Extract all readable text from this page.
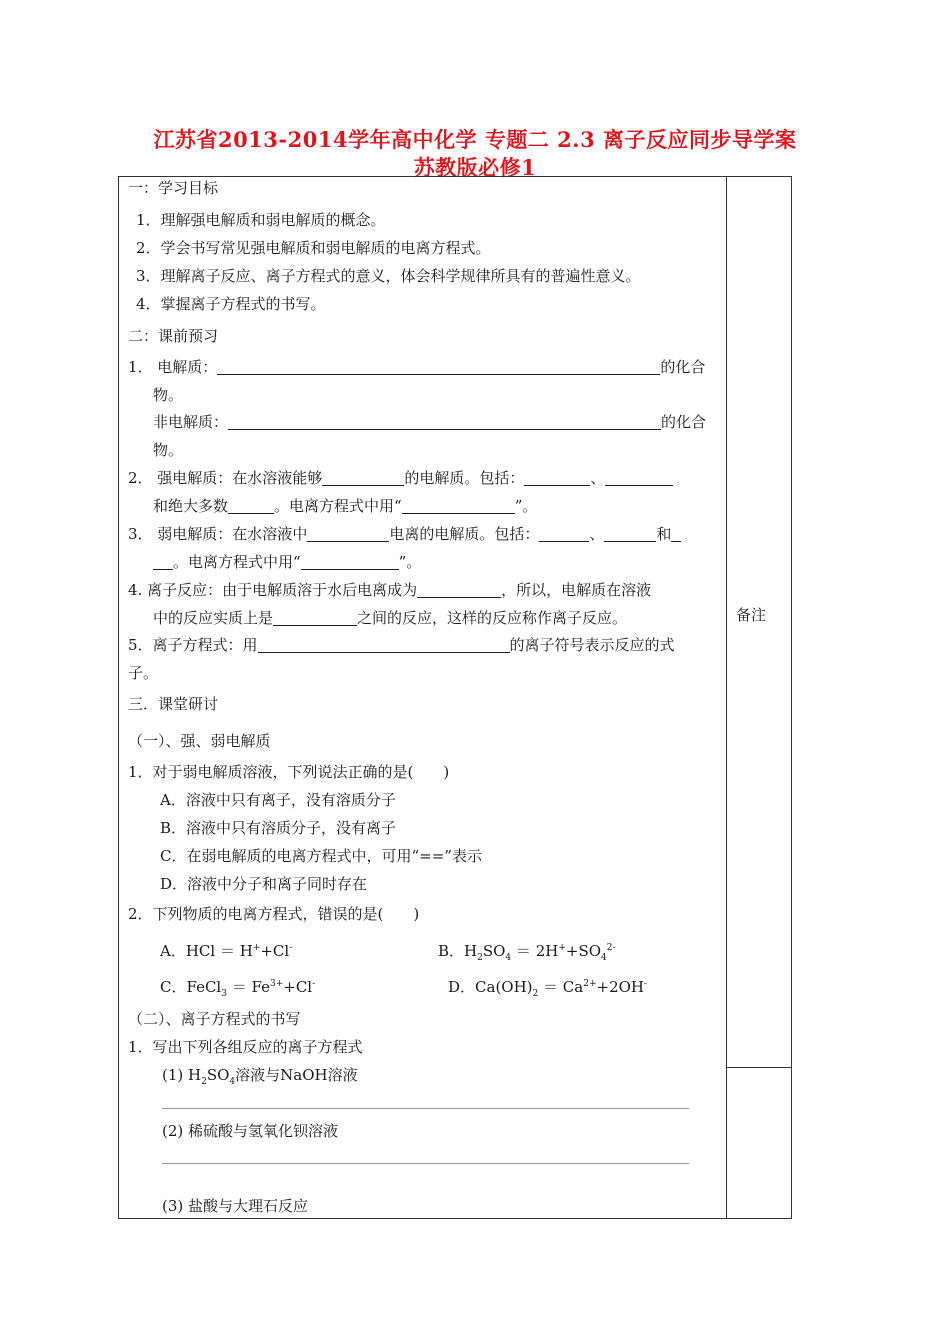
江苏省2013-2014学年高中化学 专题二 2.3 离子反应同步导学案
苏教版必修1
备注
一：学习目标
1．理解强电解质和弱电解质的概念。
2．学会书写常见强电解质和弱电解质的电离方程式。
3．理解离子反应、离子方程式的意义，体会科学规律所具有的普遍性意义。
4．掌握离子方程式的书写。
二：课前预习
1． 电解质：	的化合
物。
非电解质：	的化合
物。
2． 强电解质：在水溶液能够	的电解质。包括：	、
和绝大多数	。电离方程式中用“	”。
3． 弱电解质：在水溶液中	电离的电解质。包括：	、	和
。电离方程式中用“	”。
4. 离子反应：由于电解质溶于水后电离成为	，所以，电解质在溶液
中的反应实质上是	之间的反应，这样的反应称作离子反应。
5．离子方程式：用	的离子符号表示反应的式
子。
三．课堂研讨
（一）、强、弱电解质
1．对于弱电解质溶液，下列说法正确的是(　　)
A．溶液中只有离子，没有溶质分子
B．溶液中只有溶质分子，没有离子
C．在弱电解质的电离方程式中，可用“==”表示
D．溶液中分子和离子同时存在
2．下列物质的电离方程式，错误的是(　　)
A．HCl ＝ H++Cl-	B．$H_2SO_4 = 2H^++SO_4^{2-}$
C．FeCl$_3$ ＝ $Fe^{3+}+Cl^-$	D．$Ca(OH)_2 = Ca^{2+}+2OH^-$
（二）、离子方程式的书写
1．写出下列各组反应的离子方程式
(1) $H_2SO_4$溶液与NaOH溶液
(2) 稀硫酸与氢氧化钡溶液
(3) 盐酸与大理石反应
